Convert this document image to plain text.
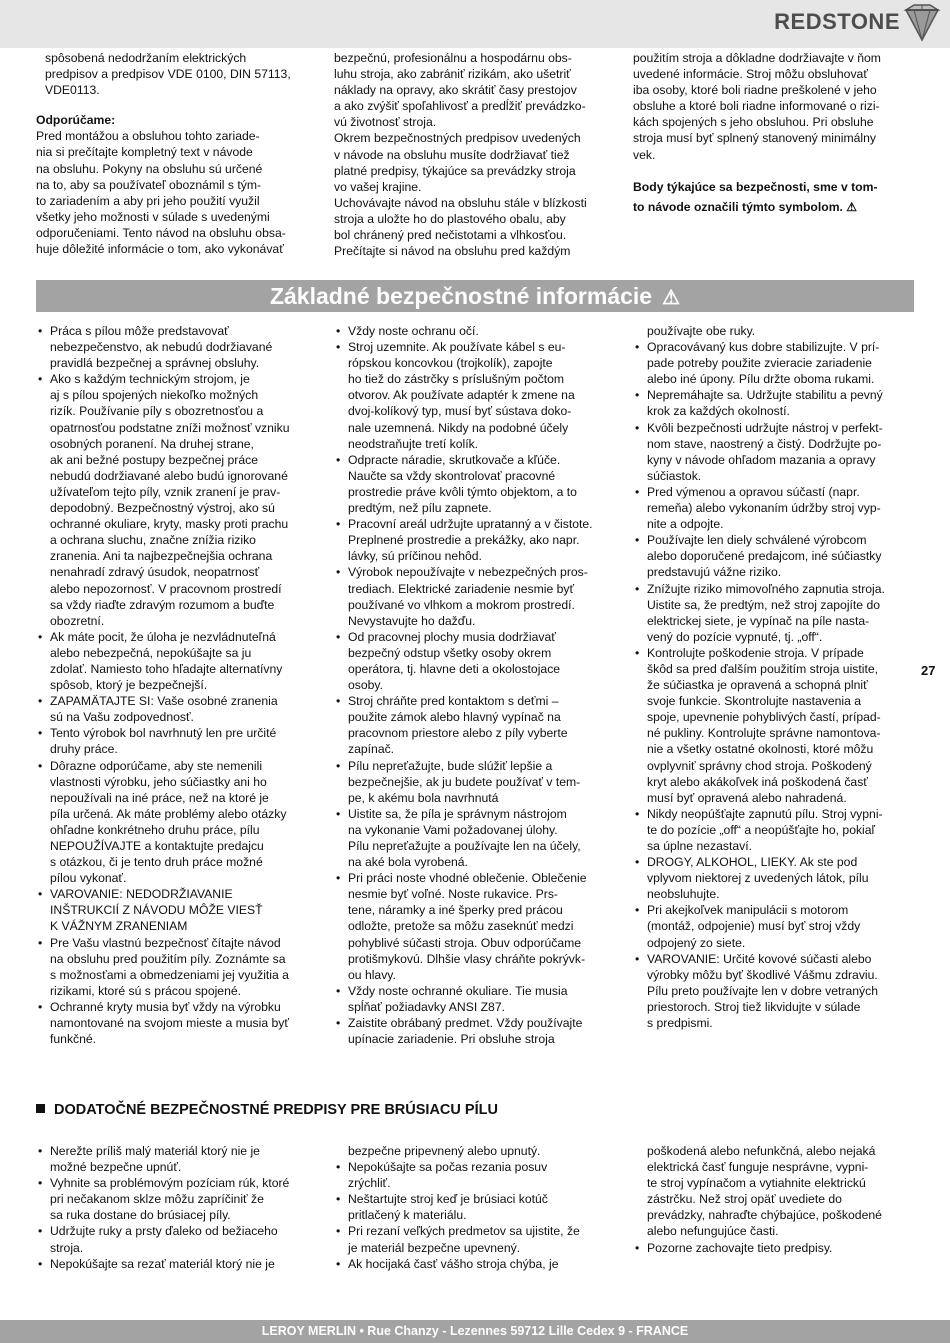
REDSTONE
spôsobená nedodržaním elektrických
predpisov a predpisov VDE 0100, DIN 57113,
VDE0113.

Odporúčame:

Pred montážou a obsluhou tohto zariade-
nia si prečítajte kompletný text v návode
na obsluhu. Pokyny na obsluhu sú určené
na to, aby sa používateľ oboznámil s tým-
to zariadením a aby pri jeho použití využil
všetky jeho možnosti v súlade s uvedenými
odporučeniami. Tento návod na obsluhu obsa-
huje dôležité informácie o tom, ako vykonávať
bezpečnú, profesionálnu a hospodárnu obs-
luhu stroja, ako zabrániť rizikám, ako ušetriť
náklady na opravy, ako skrátiť časy prestojov
a ako zvýšiť spoľahlivosť a predĺžiť prevádzko-
vú životnosť stroja.
Okrem bezpečnostných predpisov uvedených
v návode na obsluhu musíte dodržiavať tiež
platné predpisy, týkajúce sa prevádzky stroja
vo vašej krajine.
Uchovávajte návod na obsluhu stále v blízkosti
stroja a uložte ho do plastového obalu, aby
bol chránený pred nečistotami a vlhkosťou.
Prečítajte si návod na obsluhu pred každým
použitím stroja a dôkladne dodržiavajte v ňom
uvedené informácie. Stroj môžu obsluhovať
iba osoby, ktoré boli riadne preškolené v jeho
obsluhe a ktoré boli riadne informované o rizi-
kách spojených s jeho obsluhou. Pri obsluhe
stroja musí byť splnený stanovený minimálny
vek.
Body týkajúce sa bezpečnosti, sme v tom-
to návode označili týmto symbolom. ⚠
Základné bezpečnostné informácie ⚠
• Práca s pílou môže predstavovať
nebezpečenstvo, ak nebudú dodržiavané
pravidlá bezpečnej a správnej obsluhy.
• Ako s každým technickým strojom, je
aj s pílou spojených niekoľko možných
rizík. Používanie píly s obozretnosťou a
opatrnosťou podstatne zníži možnosť vzniku
osobných poranení. Na druhej strane,
ak ani bežné postupy bezpečnej práce
nebudú dodržiavané alebo budú ignorované
užívateľom tejto píly, vznik zranení je prav-
depodobný. Bezpečnostný výstroj, ako sú
ochranné okuliare, kryty, masky proti prachu
a ochrana sluchu, značne znížia riziko
zranenia. Ani ta najbezpečnejšia ochrana
nenahradí zdravý úsudok, neopatrnosť
alebo nepozornosť. V pracovnom prostredí
sa vždy riaďte zdravým rozumom a buďte
obozretní.
• Ak máte pocit, že úloha je nezvládnuteľná
alebo nebezpečná, nepokúšajte sa ju
zdolať. Namiesto toho hľadajte alternatívny
spôsob, ktorý je bezpečnejší.
• ZAPAMÄTAJTE SI: Vaše osobné zranenia
sú na Vašu zodpovednosť.
• Tento výrobok bol navrhnutý len pre určité
druhy práce.
• Dôrazne odporúčame, aby ste nemenili
vlastnosti výrobku, jeho súčiastky ani ho
nepoužívali na iné práce, než na ktoré je
píla určená. Ak máte problémy alebo otázky
ohľadne konkrétneho druhu práce, pílu
NEPOUŽÍVAJTE a kontaktujte predajcu
s otázkou, či je tento druh práce možné
pílou vykonať.
• VAROVANIE: NEDODRŽIAVANIE
INŠTRUKCIÍ Z NÁVODU MÔŽE VIESŤ
K VÁŽNYM ZRANENIAM
• Pre Vašu vlastnú bezpečnosť čítajte návod
na obsluhu pred použitím píly. Zoznámte sa
s možnosťami a obmedzeniami jej využitia a
rizikami, ktoré sú s prácou spojené.
• Ochranné kryty musia byť vždy na výrobku
namontované na svojom mieste a musia byť
funkčné.
• Vždy noste ochranu očí.
• Stroj uzemnite. Ak používate kábel s eu-
rópskou koncovkou (trojkolík), zapojte
ho tiež do zástrčky s príslušným počtom
otvorov. Ak používate adaptér k zmene na
dvoj-kolíkový typ, musí byť sústava doko-
nale uzemnená. Nikdy na podobné účely
neodstraňujte tretí kolík.
• Odpracte náradie, skrutkovače a kľúče.
Naučte sa vždy skontrolovať pracovné
prostredie práve kvôli týmto objektom, a to
predtým, než pílu zapnete.
• Pracovní areál udržujte upratanný a v čistote.
Preplnené prostredie a prekážky, ako napr.
lávky, sú príčinou nehôd.
• Výrobok nepoužívajte v nebezpečných pros-
trediach. Elektrické zariadenie nesmie byť
používané vo vlhkom a mokrom prostredí.
Nevystavujte ho dažďu.
• Od pracovnej plochy musia dodržiavať
bezpečný odstup všetky osoby okrem
operátora, tj. hlavne deti a okolostojace
osoby.
• Stroj chráňte pred kontaktom s deťmi –
použite zámok alebo hlavný vypínač na
pracovnom priestore alebo z píly vyberte
zapínač.
• Pílu nepreťažujte, bude slúžiť lepšie a
bezpečnejšie, ak ju budete používať v tem-
pe, k akému bola navrhnutá
• Uistite sa, že píla je správnym nástrojom
na vykonanie Vami požadovanej úlohy.
Pílu nepreťažujte a používajte len na účely,
na aké bola vyrobená.
• Pri práci noste vhodné oblečenie. Oblečenie
nesmie byť voľné. Noste rukavice. Prs-
tene, náramky a iné šperky pred prácou
odložte, pretože sa môžu zaseknúť medzi
pohyblivé súčasti stroja. Obuv odporúčame
protišmykovú. Dlhšie vlasy chráňte pokrývk-
ou hlavy.
• Vždy noste ochranné okuliare. Tie musia
spĺňať požiadavky ANSI Z87.
• Zaistite obrábaný predmet. Vždy používajte
upínacie zariadenie. Pri obsluhe stroja
používajte obe ruky.
• Opracovávaný kus dobre stabilizujte. V prí-
pade potreby použite zvieracie zariadenie
alebo iné úpony. Pílu držte oboma rukami.
• Nepremáhajte sa. Udržujte stabilitu a pevný
krok za každých okolností.
• Kvôli bezpečnosti udržujte nástroj v perfekt-
nom stave, naostrený a čistý. Dodržujte po-
kyny v návode ohľadom mazania a opravy
súčiastok.
• Pred výmenou a opravou súčastí (napr.
remeňa) alebo vykonaním údržby stroj vyp-
nite a odpojte.
• Používajte len diely schválené výrobcom
alebo doporučené predajcom, iné súčiastky
predstavujú vážne riziko.
• Znížujte riziko mimovoľného zapnutia stroja.
Uistite sa, že predtým, než stroj zapojíte do
elektrickej siete, je vypínač na píle nasta-
vený do pozície vypnuté, tj. „off“.
• Kontrolujte poškodenie stroja. V prípade
škôd sa pred ďalším použitím stroja uistite,
že súčiastka je opravená a schopná plniť
svoje funkcie. Skontrolujte nastavenia a
spoje, upevnenie pohyblivých častí, prípad-
né pukliny. Kontrolujte správne namontova-
nie a všetky ostatné okolnosti, ktoré môžu
ovplyvniť správny chod stroja. Poškodený
kryt alebo akákoľvek iná poškodená časť
musí byť opravená alebo nahradená.
• Nikdy neopúšťajte zapnutú pílu. Stroj vypni-
te do pozície „off“ a neopúšťajte ho, pokiaľ
sa úplne nezastaví.
• DROGY, ALKOHOL, LIEKY. Ak ste pod
vplyvom niektorej z uvedených látok, pílu
neobsluhujte.
• Pri akejkoľvek manipulácii s motorom
(montáž, odpojenie) musí byť stroj vždy
odpojený zo siete.
• VAROVANIE: Určité kovové súčasti alebo
výrobky môžu byť škodlivé Vášmu zdraviu.
Pílu preto používajte len v dobre vetraných
priestoroch. Stroj tiež likvidujte v súlade
s predpismi.
27
DODATOČNÉ BEZPEČNOSTNÉ PREDPISY PRE BRÚSIACU PÍLU
• Nerežte príliš malý materiál ktorý nie je
možné bezpečne upnúť.
• Vyhnite sa problémovým pozíciam rúk, ktoré
pri nečakanom sklze môžu zapríčiniť že
sa ruka dostane do brúsiacej píly.
• Udržujte ruky a prsty ďaleko od bežiaceho
stroja.
• Nepokúšajte sa rezať materiál ktorý nie je
bezpečne pripevnený alebo upnutý.
• Nepokúšajte sa počas rezania posuv
zrýchliť.
• Neštartujte stroj keď je brúsiaci kotúč
pritlačený k materiálu.
• Pri rezaní veľkých predmetov sa ujistite, že
je materiál bezpečne upevnený.
• Ak hocijaká časť vášho stroja chýba, je
poškodená alebo nefunkčná, alebo nejaká
elektrická časť funguje nesprávne, vypni-
te stroj vypínačom a vytiahnite elektrickú
zástrčku. Než stroj opäť uvediete do
prevádzky, nahraďte chýbajúce, poškodené
alebo nefungujúce časti.
• Pozorne zachovajte tieto predpisy.
LEROY MERLIN • Rue Chanzy - Lezennes 59712 Lille Cedex 9 - FRANCE
